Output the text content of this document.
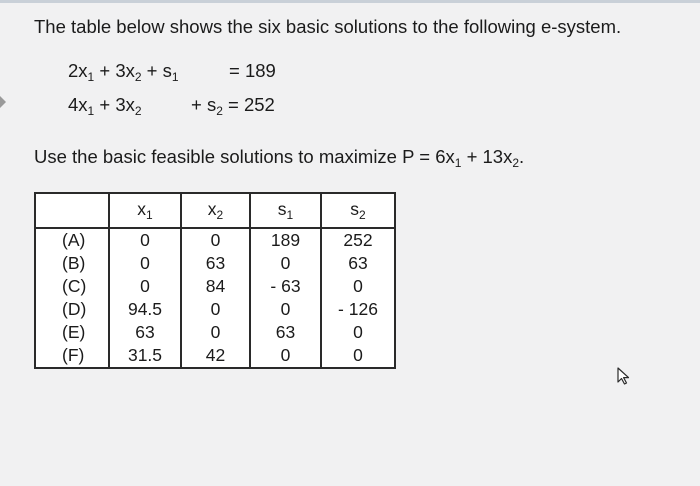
The table below shows the six basic solutions to the following e-system.
$2x_1 + 3x_2 + s_1$	= 189
$4x_1 + 3x_2$	+ $s_2 = 252$
Use the basic feasible solutions to maximize $P = 6x_1 + 13x_2$.
	$x_1$	$x_2$	$s_1$	$s_2$
(A)	0	0	189	252
(B)	0	63	0	63
(C)	0	84	- 63	0
(D)	94.5	0	0	- 126
(E)	63	0	63	0
(F)	31.5	42	0	0
